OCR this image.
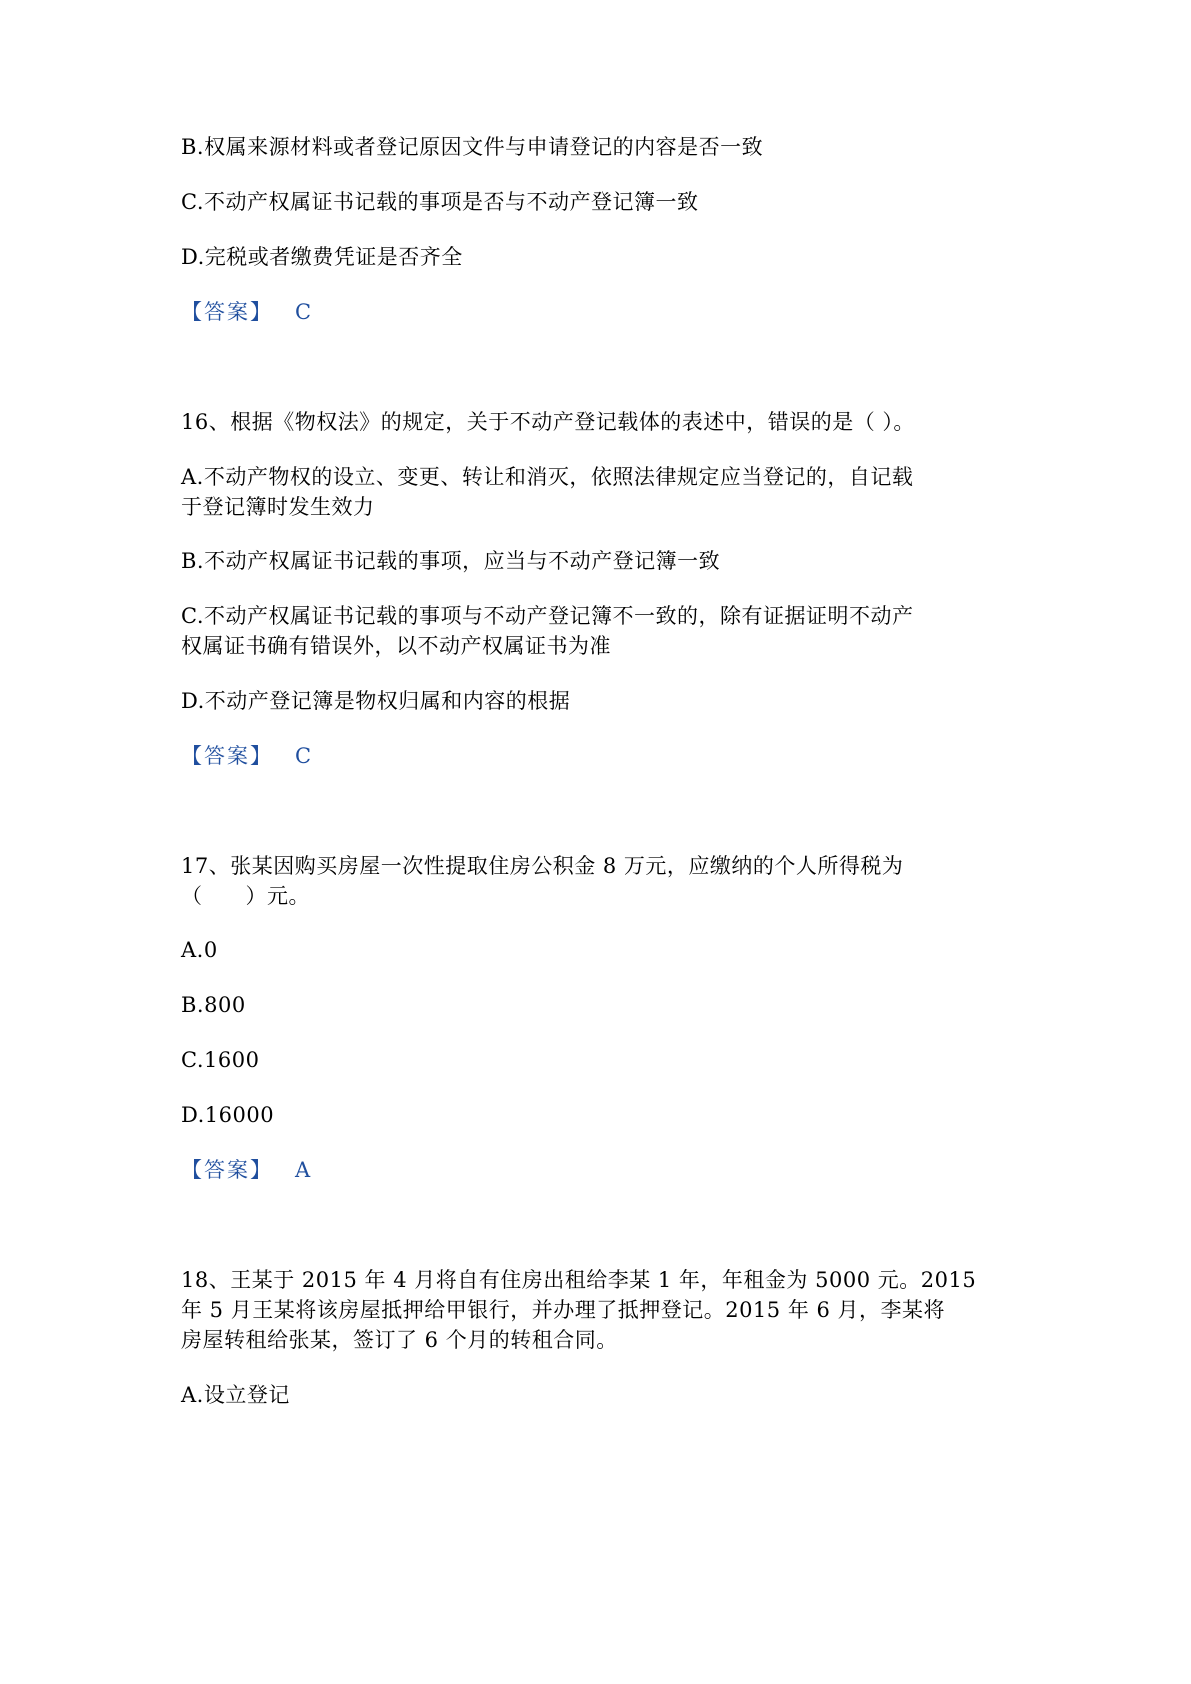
B.权属来源材料或者登记原因文件与申请登记的内容是否一致
C.不动产权属证书记载的事项是否与不动产登记簿一致
D.完税或者缴费凭证是否齐全
【答案】 C
16、根据《物权法》的规定，关于不动产登记载体的表述中，错误的是（ ）。
A.不动产物权的设立、变更、转让和消灭，依照法律规定应当登记的，自记载
于登记簿时发生效力
B.不动产权属证书记载的事项，应当与不动产登记簿一致
C.不动产权属证书记载的事项与不动产登记簿不一致的，除有证据证明不动产
权属证书确有错误外，以不动产权属证书为准
D.不动产登记簿是物权归属和内容的根据
【答案】 C
17、张某因购买房屋一次性提取住房公积金 8 万元，应缴纳的个人所得税为
（　　）元。
A.0
B.800
C.1600
D.16000
【答案】 A
18、王某于 2015 年 4 月将自有住房出租给李某 1 年，年租金为 5000 元。2015
年 5 月王某将该房屋抵押给甲银行，并办理了抵押登记。2015 年 6 月，李某将
房屋转租给张某，签订了 6 个月的转租合同。
A.设立登记
